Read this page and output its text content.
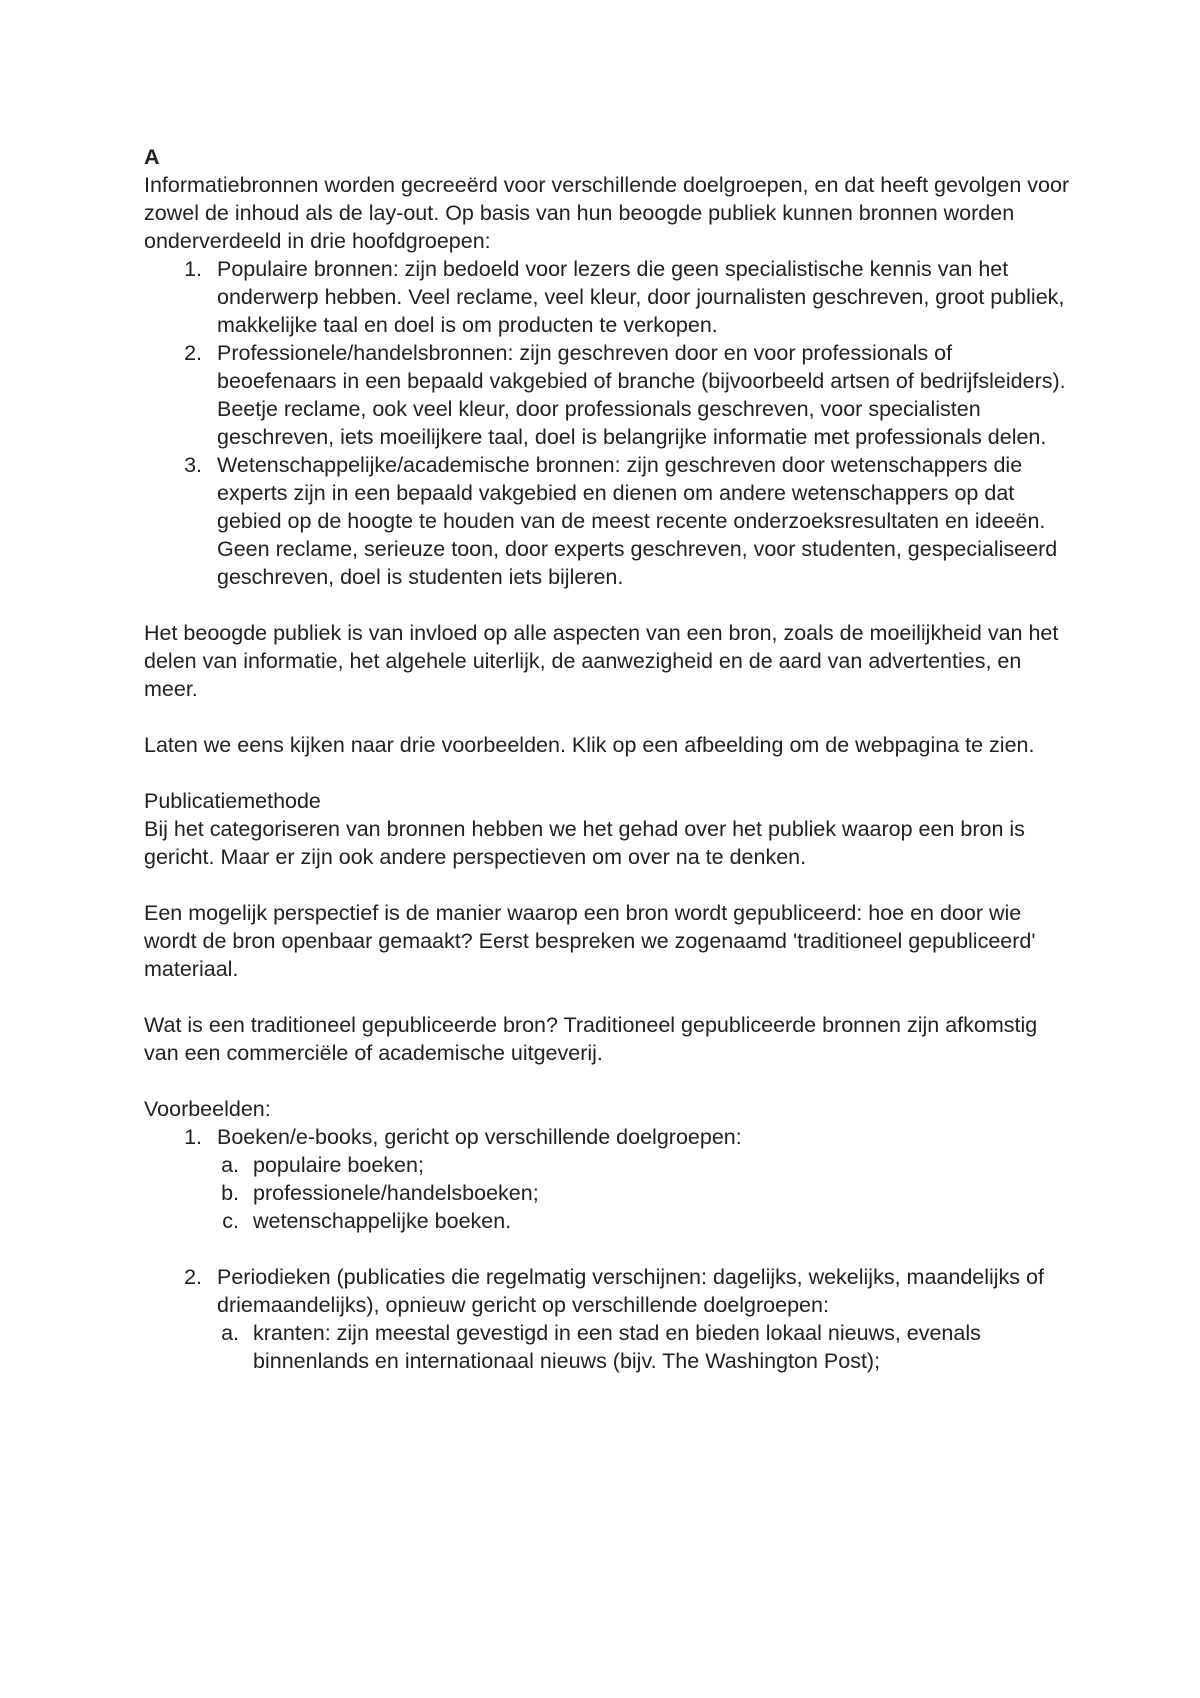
A

Informatiebronnen worden gecreeërd voor verschillende doelgroepen, en dat heeft gevolgen voor zowel de inhoud als de lay-out. Op basis van hun beoogde publiek kunnen bronnen worden onderverdeeld in drie hoofdgroepen:

1. Populaire bronnen: zijn bedoeld voor lezers die geen specialistische kennis van het onderwerp hebben. Veel reclame, veel kleur, door journalisten geschreven, groot publiek, makkelijke taal en doel is om producten te verkopen.
2. Professionele/handelsbronnen: zijn geschreven door en voor professionals of beoefenaars in een bepaald vakgebied of branche (bijvoorbeeld artsen of bedrijfsleiders). Beetje reclame, ook veel kleur, door professionals geschreven, voor specialisten geschreven, iets moeilijkere taal, doel is belangrijke informatie met professionals delen.
3. Wetenschappelijke/academische bronnen: zijn geschreven door wetenschappers die experts zijn in een bepaald vakgebied en dienen om andere wetenschappers op dat gebied op de hoogte te houden van de meest recente onderzoeksresultaten en ideeën. Geen reclame, serieuze toon, door experts geschreven, voor studenten, gespecialiseerd geschreven, doel is studenten iets bijleren.

Het beoogde publiek is van invloed op alle aspecten van een bron, zoals de moeilijkheid van het delen van informatie, het algehele uiterlijk, de aanwezigheid en de aard van advertenties, en meer.

Laten we eens kijken naar drie voorbeelden. Klik op een afbeelding om de webpagina te zien.

Publicatiemethode

Bij het categoriseren van bronnen hebben we het gehad over het publiek waarop een bron is gericht. Maar er zijn ook andere perspectieven om over na te denken.

Een mogelijk perspectief is de manier waarop een bron wordt gepubliceerd: hoe en door wie wordt de bron openbaar gemaakt? Eerst bespreken we zogenaamd 'traditioneel gepubliceerd' materiaal.

Wat is een traditioneel gepubliceerde bron? Traditioneel gepubliceerde bronnen zijn afkomstig van een commerciële of academische uitgeverij.

Voorbeelden:

1. Boeken/e-books, gericht op verschillende doelgroepen:
a. populaire boeken;
b. professionele/handelsboeken;
c. wetenschappelijke boeken.
2. Periodieken (publicaties die regelmatig verschijnen: dagelijks, wekelijks, maandelijks of driemaandelijks), opnieuw gericht op verschillende doelgroepen:
a. kranten: zijn meestal gevestigd in een stad en bieden lokaal nieuws, evenals binnenlands en internationaal nieuws (bijv. The Washington Post);
